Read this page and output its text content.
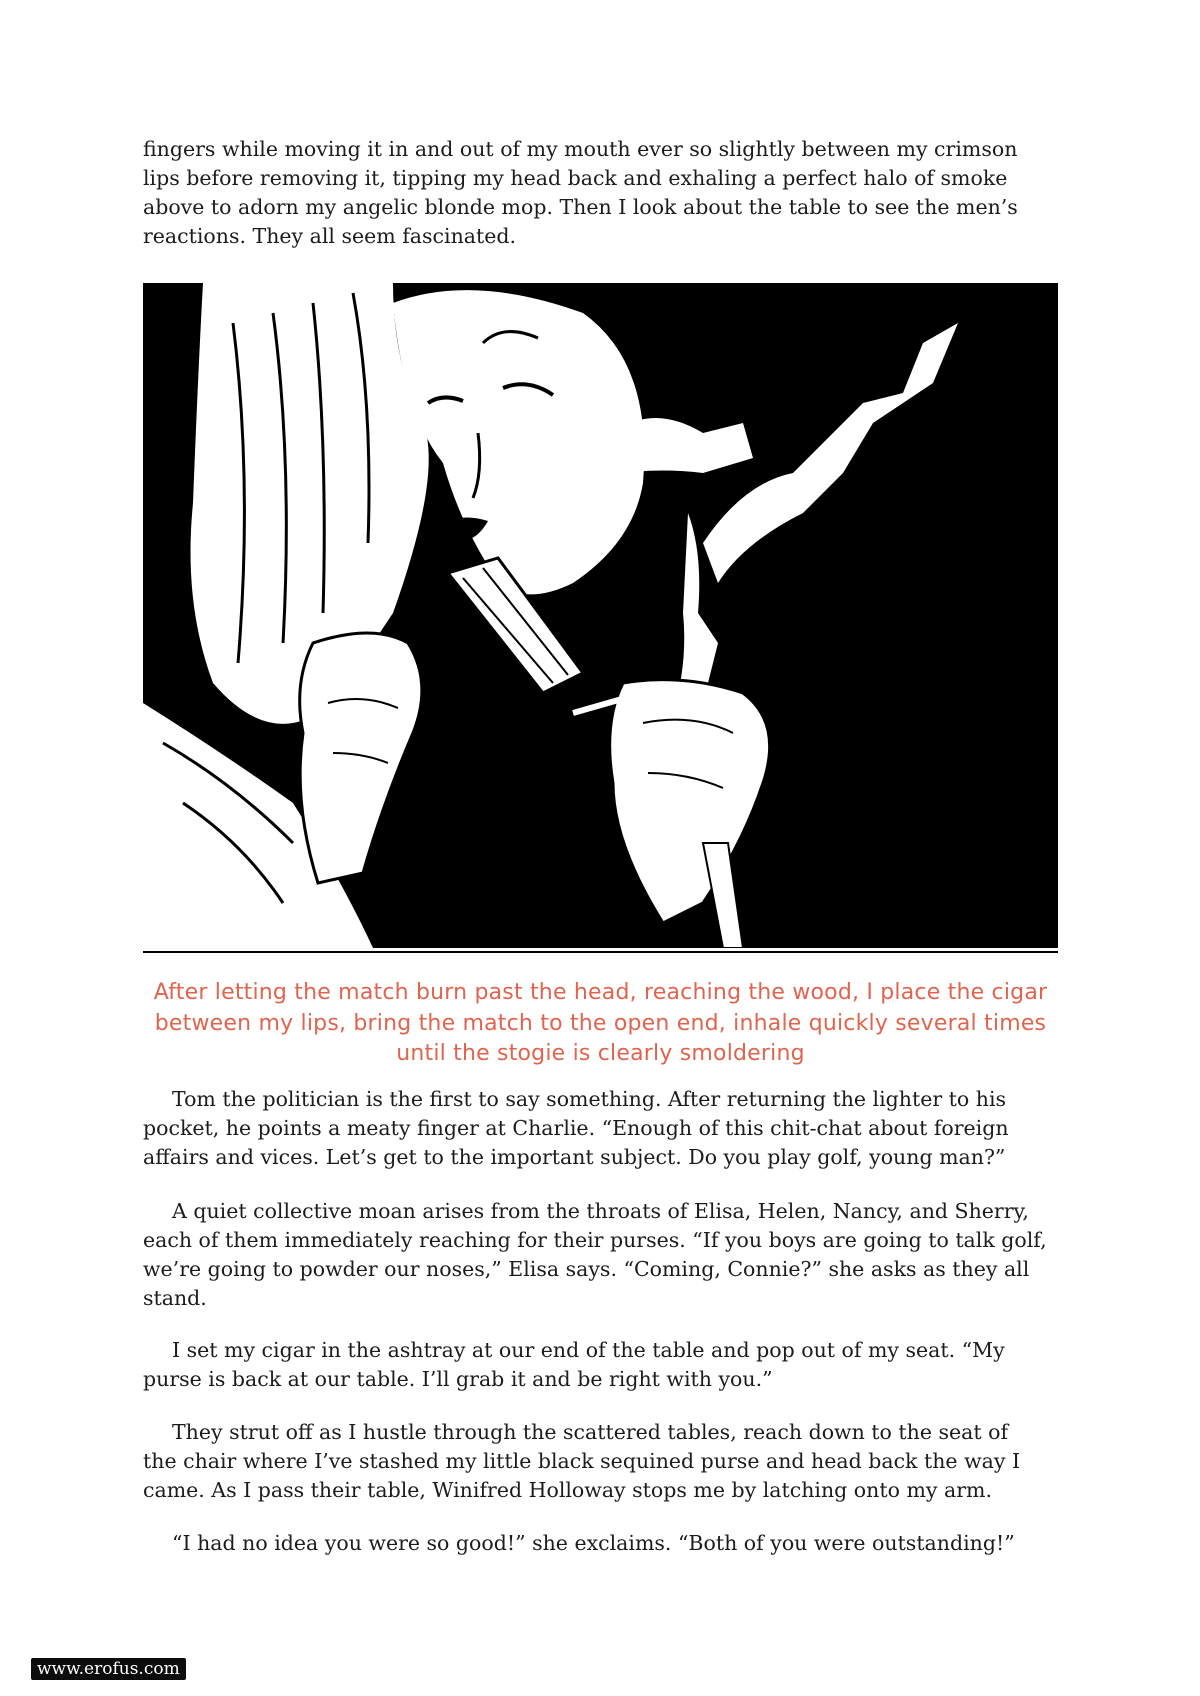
fingers while moving it in and out of my mouth ever so slightly between my crimson lips before removing it, tipping my head back and exhaling a perfect halo of smoke above to adorn my angelic blonde mop. Then I look about the table to see the men’s reactions. They all seem fascinated.

After letting the match burn past the head, reaching the wood, I place the cigar between my lips, bring the match to the open end, inhale quickly several times until the stogie is clearly smoldering

Tom the politician is the first to say something. After returning the lighter to his pocket, he points a meaty finger at Charlie. “Enough of this chit-chat about foreign affairs and vices. Let’s get to the important subject. Do you play golf, young man?”

A quiet collective moan arises from the throats of Elisa, Helen, Nancy, and Sherry, each of them immediately reaching for their purses. “If you boys are going to talk golf, we’re going to powder our noses,” Elisa says. “Coming, Connie?” she asks as they all stand.

I set my cigar in the ashtray at our end of the table and pop out of my seat. “My purse is back at our table. I’ll grab it and be right with you.”

They strut off as I hustle through the scattered tables, reach down to the seat of the chair where I’ve stashed my little black sequined purse and head back the way I came. As I pass their table, Winifred Holloway stops me by latching onto my arm.

“I had no idea you were so good!” she exclaims. “Both of you were outstanding!”

www.erofus.com
